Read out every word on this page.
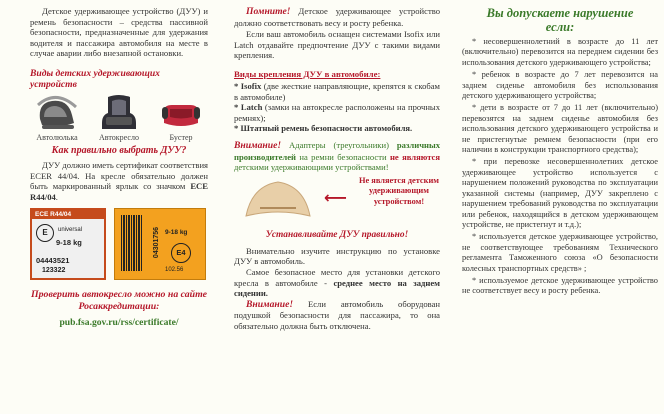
Детское удерживающее устройство (ДУУ) и ремень безопасности – средства пассивной безопасности, предназначенные для удержания водителя и пассажира автомобиля на месте в случае аварии либо внезапной остановки.

Виды детских удерживающих устройств

Автолюлька	Автокресло	Бустер

Как правильно выбрать ДУУ?

ДУУ должно иметь сертификат соответствия ECER 44/04. На кресле обязательно должен быть маркированный ярлык со значком ECE R44/04.

ECE R44/04
E	universal
9-18 kg
04443521
123322
04301756 9-18 kg
E4
102.56

Проверить автокресло можно на сайте Росаккредитации:

pub.fsa.gov.ru/rss/certificate/

Помните! Детское удерживающее устройство должно соответствовать весу и росту ребенка.

Если ваш автомобиль оснащен системами Isofix или Latch отдавайте предпочтение ДУУ с такими видами крепления.

Виды крепления ДУУ в автомобиле:

* Isofix (две жесткие направляющие, крепятся к скобам в автомобиле)

* Latch (замки на автокресле расположены на прочных ремнях);

* Штатный ремень безопасности автомобиля.

Внимание! Адаптеры (треугольники) различных производителей на ремни безопасности не являются детскими удерживающими устройствами!

⟵

Не является детским удерживающим устройством!

Устанавливайте ДУУ правильно!

Внимательно изучите инструкцию по установке ДУУ в автомобиль.

Самое безопасное место для установки детского кресла в автомобиле - среднее место на заднем сидении.

Внимание! Если автомобиль оборудован подушкой безопасности для пассажира, то она обязательно должна быть отключена.

Вы допускаете нарушение если:

* несовершеннолетний в возрасте до 11 лет (включительно) перевозится на переднем сидении без использования детского удерживающего устройства;

* ребенок в возрасте до 7 лет перевозится на заднем сиденье автомобиля без использования детского удерживающего устройства;

* дети в возрасте от 7 до 11 лет (включительно) перевозятся на заднем сиденье автомобиля без использования детского удерживающего устройства и не пристегнутые ремнем безопасности (при его наличии в конструкции транспортного средства);

* при перевозке несовершеннолетних детское удерживающее устройство используется с нарушением положений руководства по эксплуатации указанной системы (например, ДУУ закреплено с нарушением требований руководства по эксплуатации или ребенок, находящийся в детском удерживающем устройстве, не пристегнут и т.д.);

* используется детское удерживающее устройство, не соответствующее требованиям Технического регламента Таможенного союза «О безопасности колесных транспортных средств» ;

* используемое детское удерживающее устройство не соответствует весу и росту ребенка.
